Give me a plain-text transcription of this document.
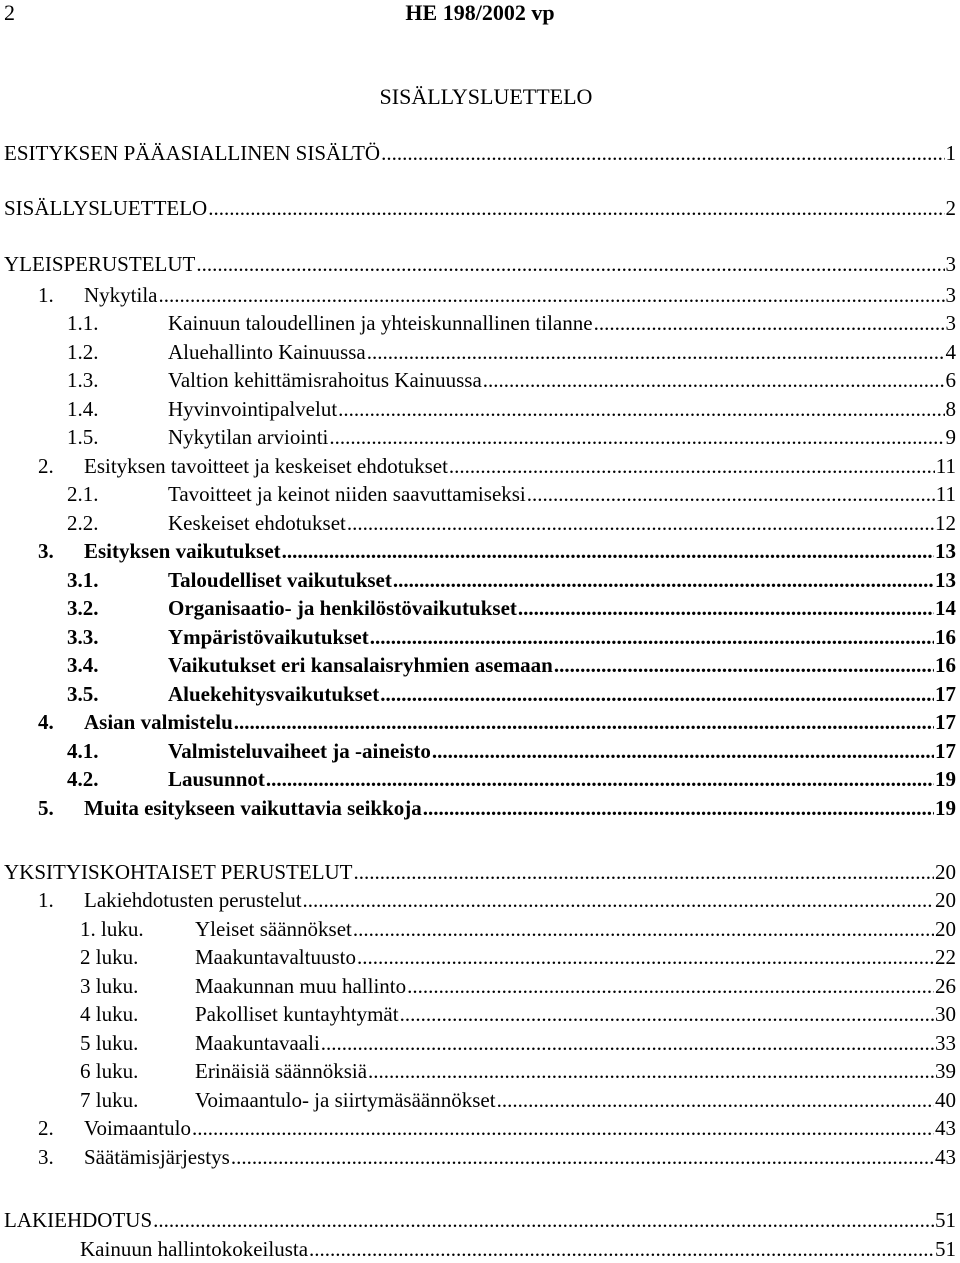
2	HE 198/2002 vp
SISÄLLYSLUETTELO
ESITYKSEN PÄÄASIALLINEN SISÄLTÖ .....	1
SISÄLLYSLUETTELO .....	2
YLEISPERUSTELUT .....	3
1.	Nykytila .....	3
1.1.	Kainuun taloudellinen ja yhteiskunnallinen tilanne .....	3
1.2.	Aluehallinto Kainuussa .....	4
1.3.	Valtion kehittämisrahoitus Kainuussa .....	6
1.4.	Hyvinvointipalvelut .....	8
1.5.	Nykytilan arviointi .....	9
2.	Esityksen tavoitteet ja keskeiset ehdotukset .....	11
2.1.	Tavoitteet ja keinot niiden saavuttamiseksi .....	11
2.2.	Keskeiset ehdotukset .....	12
3.	Esityksen vaikutukset .....	13
3.1.	Taloudelliset vaikutukset .....	13
3.2.	Organisaatio- ja henkilöstövaikutukset .....	14
3.3.	Ympäristövaikutukset .....	16
3.4.	Vaikutukset eri kansalaisryhmien asemaan .....	16
3.5.	Aluekehitysvaikutukset .....	17
4.	Asian valmistelu .....	17
4.1.	Valmisteluvaiheet ja -aineisto .....	17
4.2.	Lausunnot .....	19
5.	Muita esitykseen vaikuttavia seikkoja .....	19
YKSITYISKOHTAISET PERUSTELUT .....	20
1.	Lakiehdotusten perustelut .....	20
1. luku.	Yleiset säännökset .....	20
2 luku.	Maakuntavaltuusto .....	22
3 luku.	Maakunnan muu hallinto .....	26
4 luku.	Pakolliset kuntayhtymät .....	30
5 luku.	Maakuntavaali .....	33
6 luku.	Erinäisiä säännöksiä .....	39
7 luku.	Voimaantulo- ja siirtymäsäännökset .....	40
2.	Voimaantulo .....	43
3.	Säätämisjärjestys .....	43
LAKIEHDOTUS .....	51
Kainuun hallintokokeilusta .....	51
